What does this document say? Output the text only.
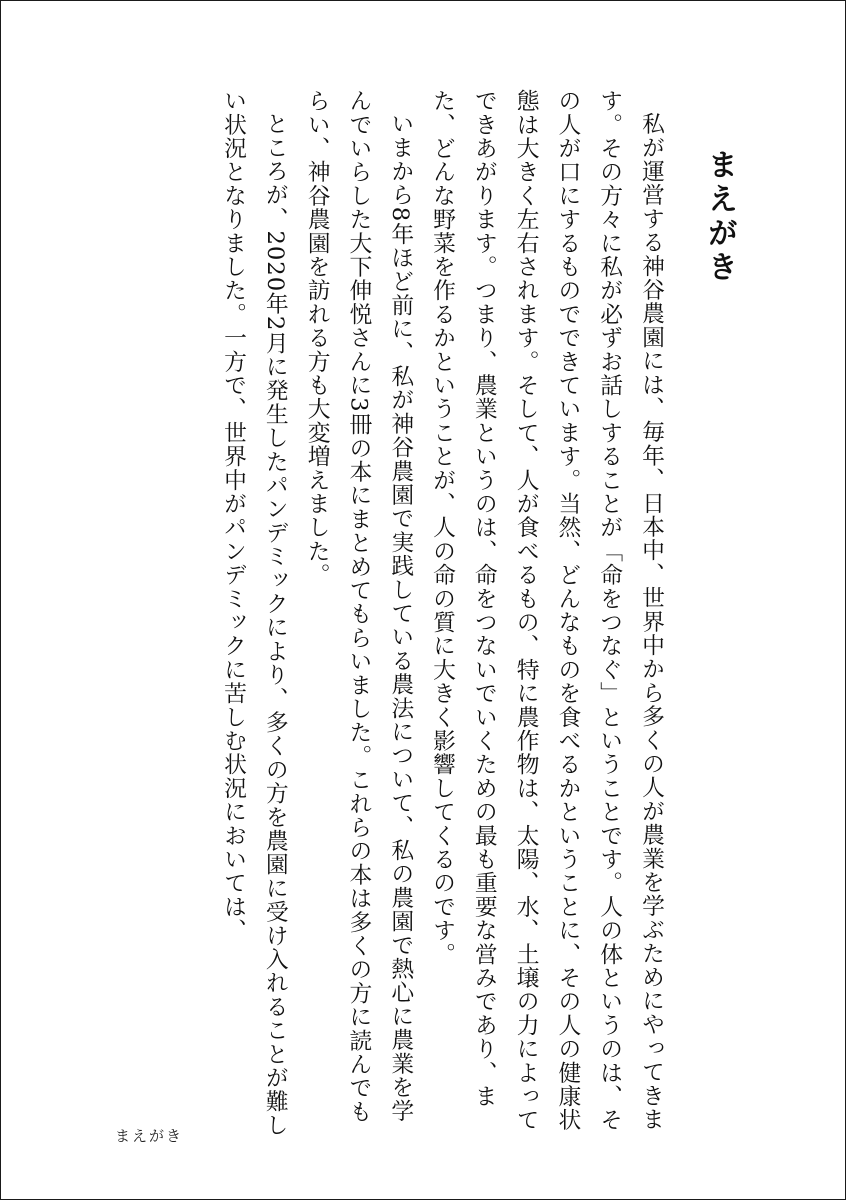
まえがき

私が運営する神谷農園には、毎年、日本中、世界中から多くの人が農業を学ぶためにやってきます。その方々に私が必ずお話しすることが「命をつなぐ」ということです。人の体というのは、その人が口にするものでできています。当然、どんなものを食べるかということに、その人の健康状態は大きく左右されます。そして、人が食べるもの、特に農作物は、太陽、水、土壌の力によってできあがります。つまり、農業というのは、命をつないでいくための最も重要な営みであり、また、どんな野菜を作るかということが、人の命の質に大きく影響してくるのです。

いまから8年ほど前に、私が神谷農園で実践している農法について、私の農園で熱心に農業を学んでいらした大下伸悦さんに3冊の本にまとめてもらいました。これらの本は多くの方に読んでもらい、神谷農園を訪れる方も大変増えました。

ところが、2020年2月に発生したパンデミックにより、多くの方を農園に受け入れることが難しい状況となりました。一方で、世界中がパンデミックに苦しむ状況においては、

まえがき
